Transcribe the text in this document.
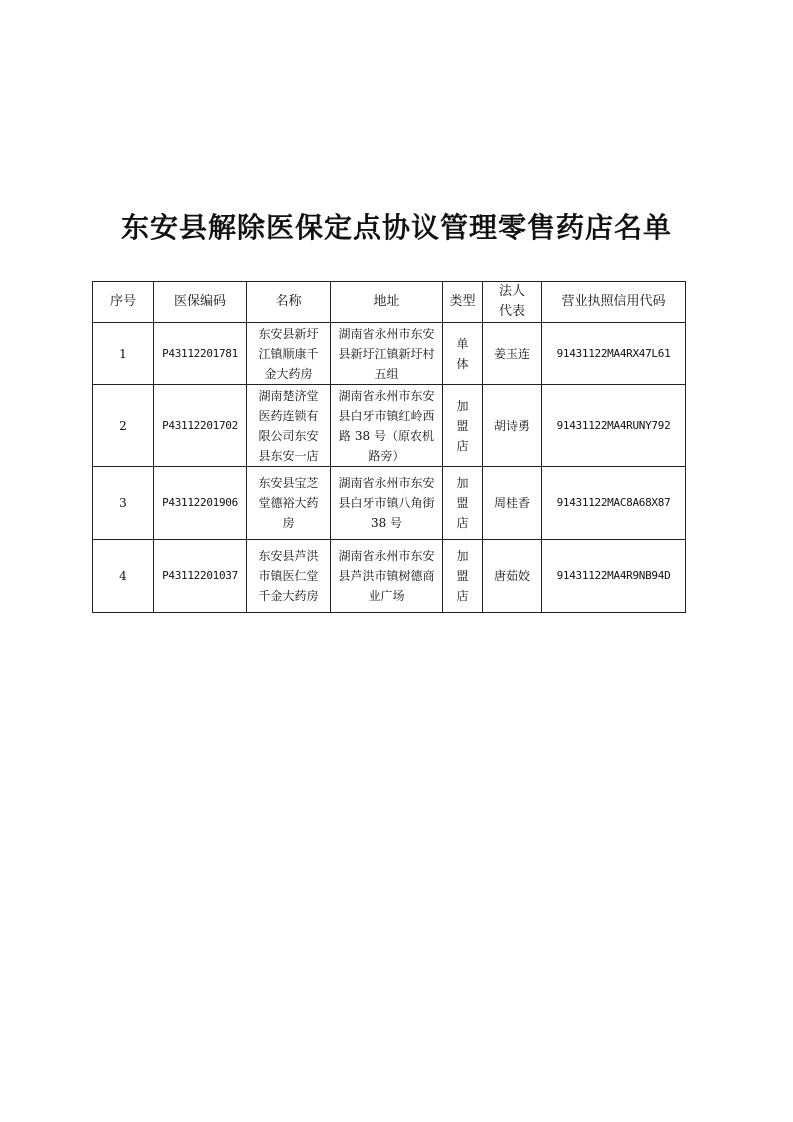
东安县解除医保定点协议管理零售药店名单
序号	医保编码	名称	地址	类型	法人代表	营业执照信用代码
1	P43112201781	东安县新圩江镇顺康千金大药房	湖南省永州市东安县新圩江镇新圩村五组	单体	姜玉连	91431122MA4RX47L61
2	P43112201702	湖南楚济堂医药连锁有限公司东安县东安一店	湖南省永州市东安县白牙市镇红岭西路 38 号（原农机路旁）	加盟店	胡诗勇	91431122MA4RUNY792
3	P43112201906	东安县宝芝堂德裕大药房	湖南省永州市东安县白牙市镇八角街 38 号	加盟店	周桂香	91431122MAC8A68X87
4	P43112201037	东安县芦洪市镇医仁堂千金大药房	湖南省永州市东安县芦洪市镇树德商业广场	加盟店	唐茹姣	91431122MA4R9NB94D
